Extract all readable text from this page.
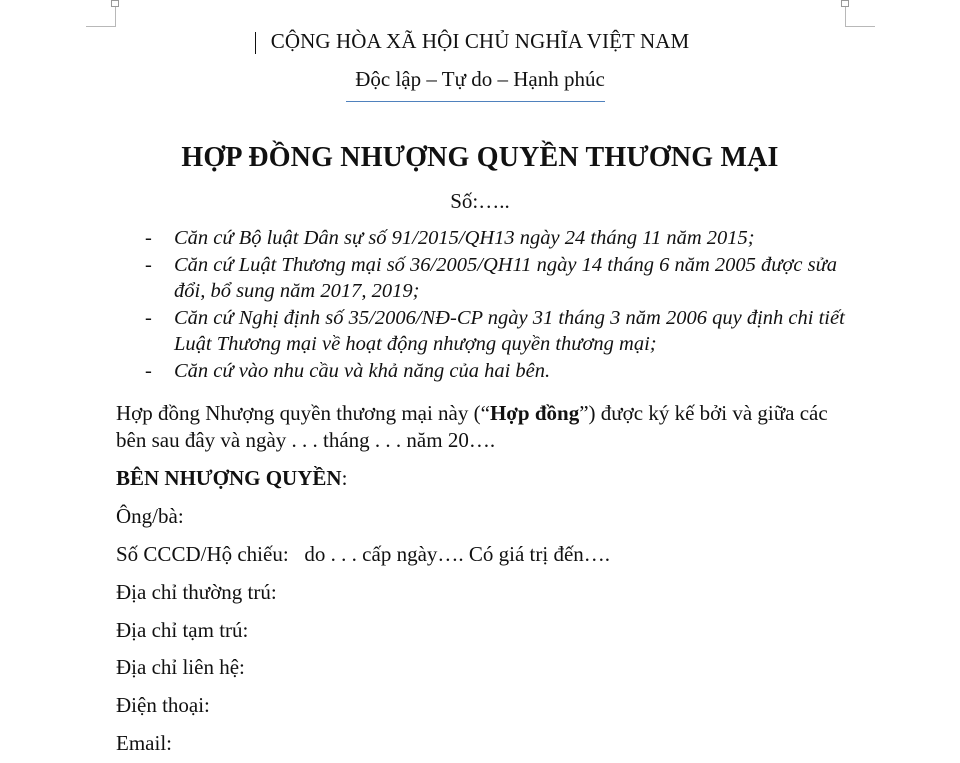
CỘNG HÒA XÃ HỘI CHỦ NGHĨA VIỆT NAM
Độc lập – Tự do – Hạnh phúc
HỢP ĐỒNG NHƯỢNG QUYỀN THƯƠNG MẠI
Số:…..
- Căn cứ Bộ luật Dân sự số 91/2015/QH13 ngày 24 tháng 11 năm 2015;
- Căn cứ Luật Thương mại số 36/2005/QH11 ngày 14 tháng 6 năm 2005 được sửa đổi, bổ sung năm 2017, 2019;
- Căn cứ Nghị định số 35/2006/NĐ-CP ngày 31 tháng 3 năm 2006 quy định chi tiết Luật Thương mại về hoạt động nhượng quyền thương mại;
- Căn cứ vào nhu cầu và khả năng của hai bên.
Hợp đồng Nhượng quyền thương mại này (“Hợp đồng”) được ký kế bởi và giữa các bên sau đây và ngày . . . tháng . . . năm 20….
BÊN NHƯỢNG QUYỀN:
Ông/bà:
Số CCCD/Hộ chiếu:   do . . . cấp ngày…. Có giá trị đến….
Địa chỉ thường trú:
Địa chỉ tạm trú:
Địa chỉ liên hệ:
Điện thoại:
Email:
